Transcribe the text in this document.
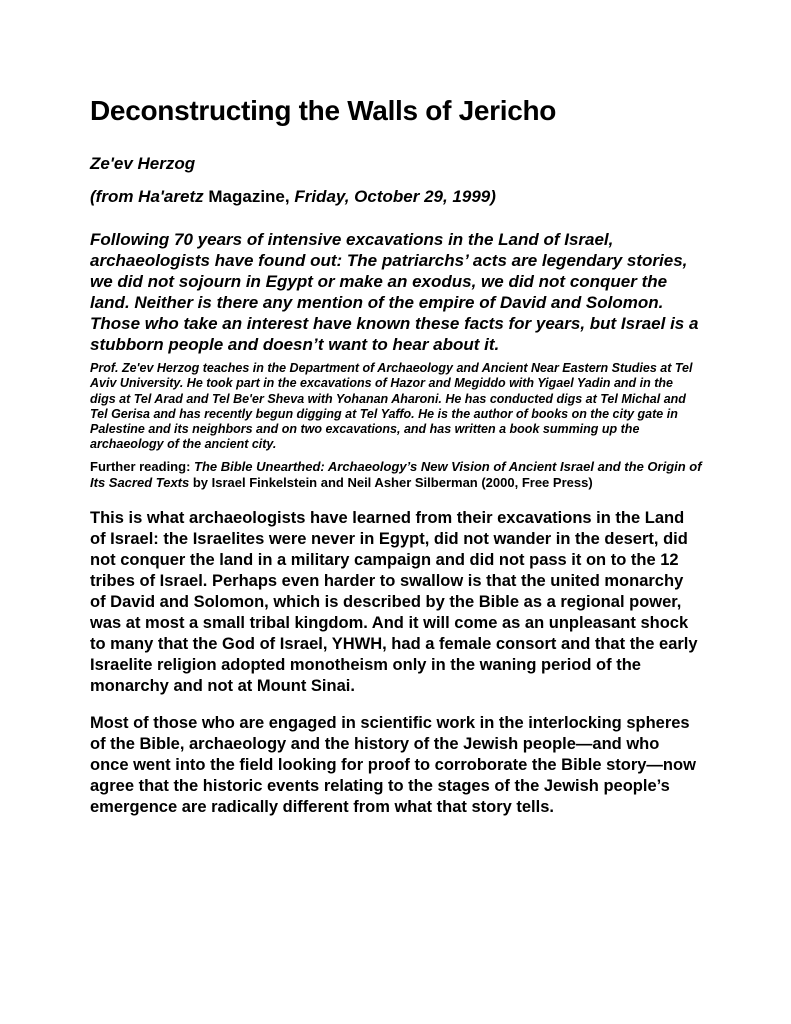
Deconstructing the Walls of Jericho

Ze'ev Herzog

(from Ha'aretz Magazine, Friday, October 29, 1999)

Following 70 years of intensive excavations in the Land of Israel, archaeologists have found out: The patriarchs’ acts are legendary stories, we did not sojourn in Egypt or make an exodus, we did not conquer the land. Neither is there any mention of the empire of David and Solomon. Those who take an interest have known these facts for years, but Israel is a stubborn people and doesn’t want to hear about it.

Prof. Ze'ev Herzog teaches in the Department of Archaeology and Ancient Near Eastern Studies at Tel Aviv University. He took part in the excavations of Hazor and Megiddo with Yigael Yadin and in the digs at Tel Arad and Tel Be'er Sheva with Yohanan Aharoni. He has conducted digs at Tel Michal and Tel Gerisa and has recently begun digging at Tel Yaffo. He is the author of books on the city gate in Palestine and its neighbors and on two excavations, and has written a book summing up the archaeology of the ancient city.

Further reading: The Bible Unearthed: Archaeology’s New Vision of Ancient Israel and the Origin of Its Sacred Texts by Israel Finkelstein and Neil Asher Silberman (2000, Free Press)

This is what archaeologists have learned from their excavations in the Land of Israel: the Israelites were never in Egypt, did not wander in the desert, did not conquer the land in a military campaign and did not pass it on to the 12 tribes of Israel. Perhaps even harder to swallow is that the united monarchy of David and Solomon, which is described by the Bible as a regional power, was at most a small tribal kingdom. And it will come as an unpleasant shock to many that the God of Israel, YHWH, had a female consort and that the early Israelite religion adopted monotheism only in the waning period of the monarchy and not at Mount Sinai.

Most of those who are engaged in scientific work in the interlocking spheres of the Bible, archaeology and the history of the Jewish people—and who once went into the field looking for proof to corroborate the Bible story—now agree that the historic events relating to the stages of the Jewish people’s emergence are radically different from what that story tells.
